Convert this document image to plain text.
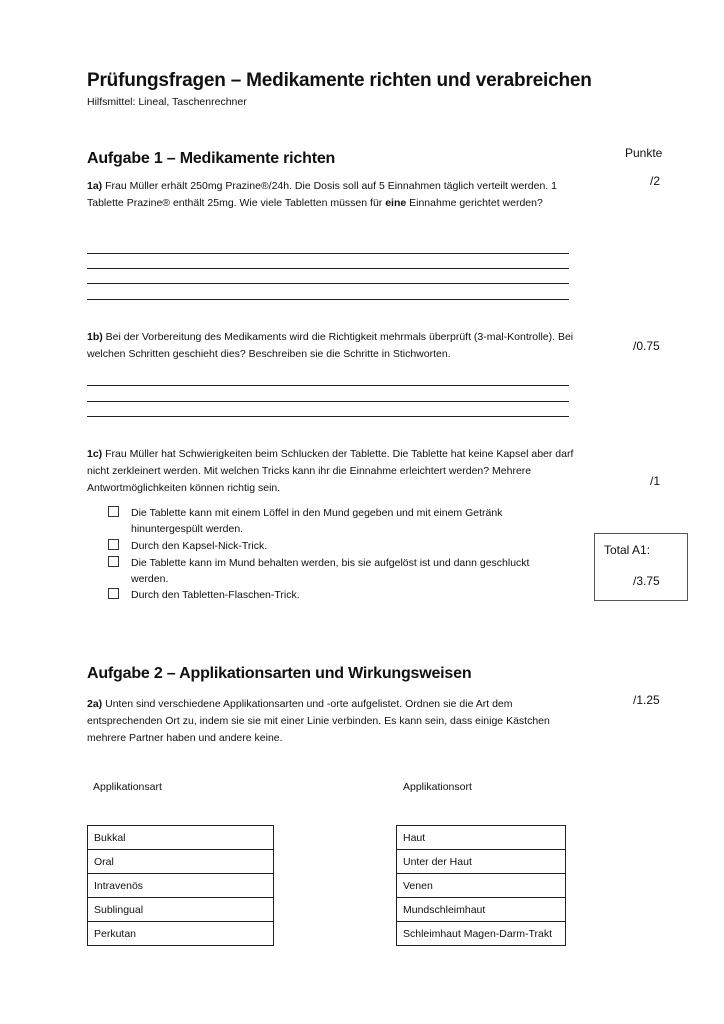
Prüfungsfragen – Medikamente richten und verabreichen
Hilfsmittel: Lineal, Taschenrechner
Punkte
Aufgabe 1 – Medikamente richten
1a) Frau Müller erhält 250mg Prazine®/24h. Die Dosis soll auf 5 Einnahmen täglich verteilt werden. 1 Tablette Prazine® enthält 25mg. Wie viele Tabletten müssen für eine Einnahme gerichtet werden?
/2
1b) Bei der Vorbereitung des Medikaments wird die Richtigkeit mehrmals überprüft (3-mal-Kontrolle). Bei welchen Schritten geschieht dies? Beschreiben sie die Schritte in Stichworten.
/0.75
1c) Frau Müller hat Schwierigkeiten beim Schlucken der Tablette. Die Tablette hat keine Kapsel aber darf nicht zerkleinert werden. Mit welchen Tricks kann ihr die Einnahme erleichtert werden? Mehrere Antwortmöglichkeiten können richtig sein.	/1
Die Tablette kann mit einem Löffel in den Mund gegeben und mit einem Getränk hinuntergespült werden.
Durch den Kapsel-Nick-Trick.
Die Tablette kann im Mund behalten werden, bis sie aufgelöst ist und dann geschluckt werden.
Durch den Tabletten-Flaschen-Trick.
Total A1:
/3.75
Aufgabe 2 – Applikationsarten und Wirkungsweisen
2a) Unten sind verschiedene Applikationsarten und -orte aufgelistet. Ordnen sie die Art dem entsprechenden Ort zu, indem sie sie mit einer Linie verbinden. Es kann sein, dass einige Kästchen mehrere Partner haben und andere keine.
/1.25
Applikationsart	Applikationsort
Bukkal
Oral
Intravenös
Sublingual
Perkutan
Haut
Unter der Haut
Venen
Mundschleimhaut
Schleimhaut Magen-Darm-Trakt
